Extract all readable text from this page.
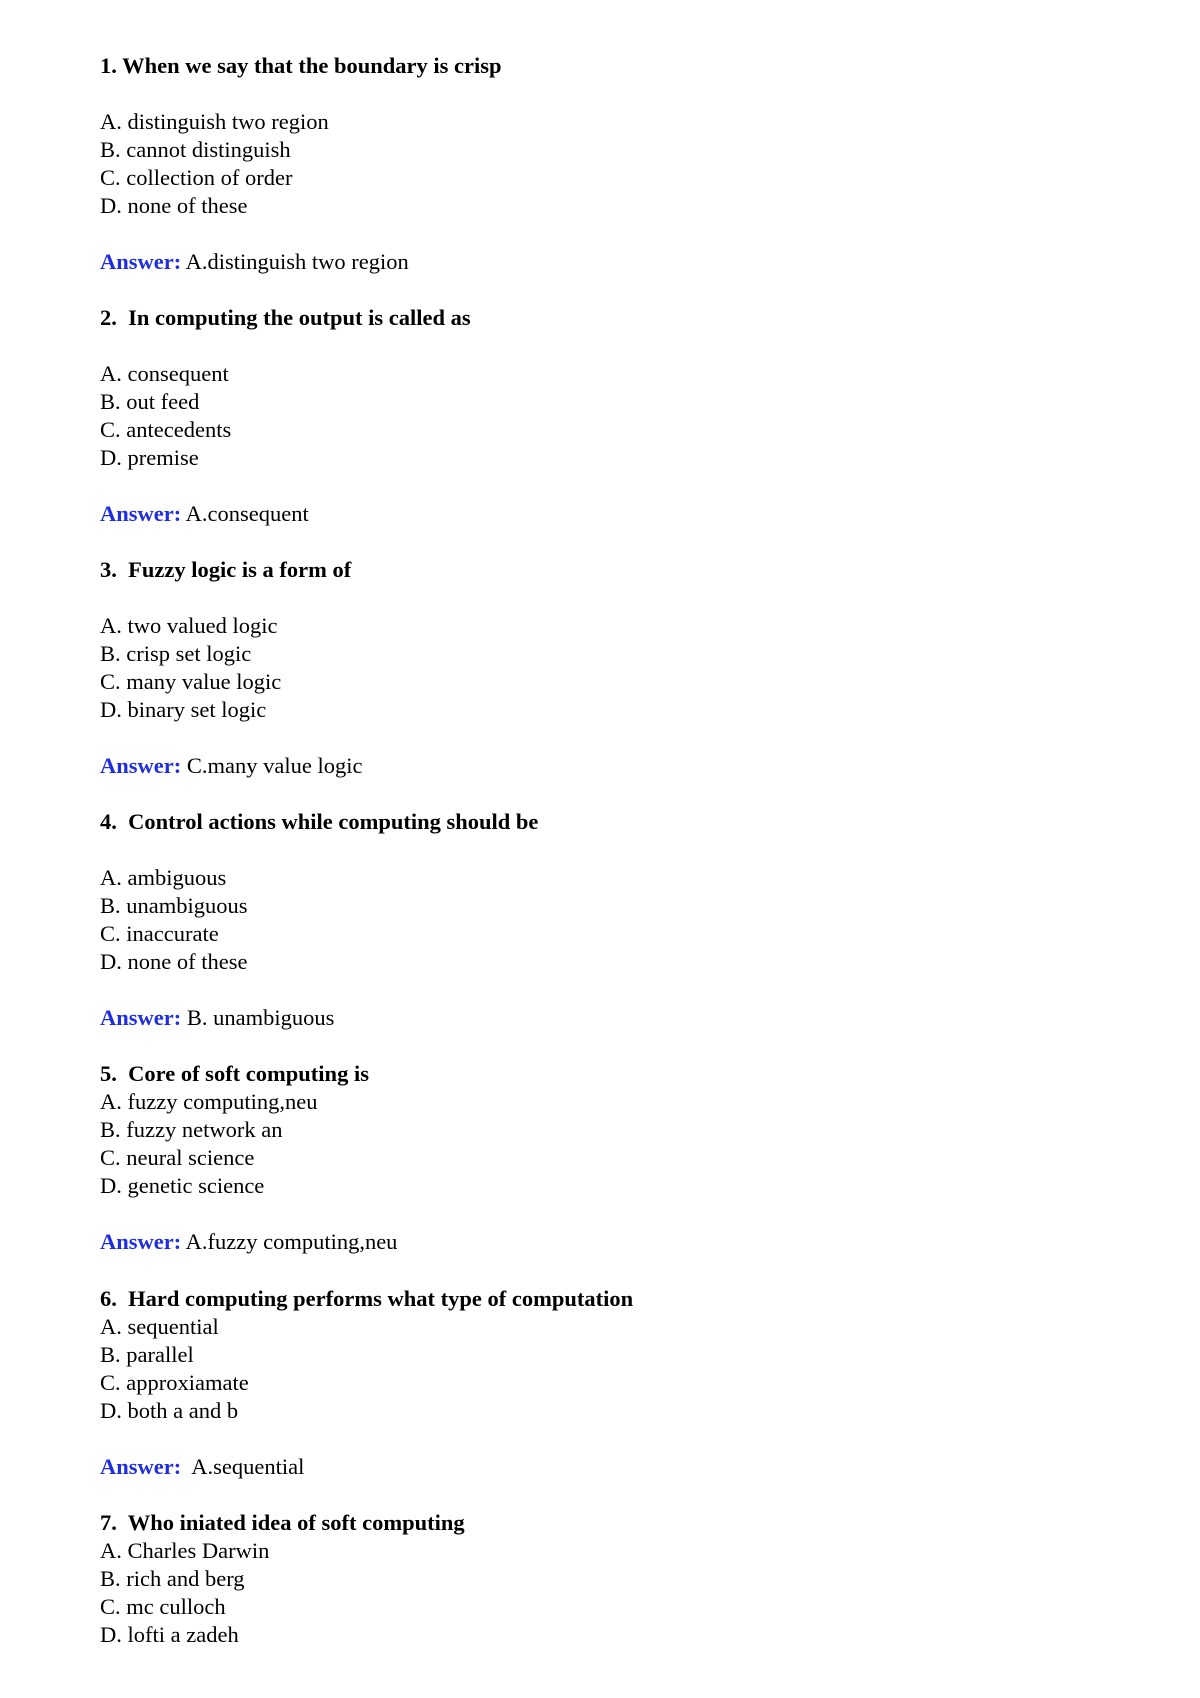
1. When we say that the boundary is crisp
A. distinguish two region
B. cannot distinguish
C. collection of order
D. none of these
Answer: A.distinguish two region
2.  In computing the output is called as
A. consequent
B. out feed
C. antecedents
D. premise
Answer: A.consequent
3.  Fuzzy logic is a form of
A. two valued logic
B. crisp set logic
C. many value logic
D. binary set logic
Answer: C.many value logic
4.  Control actions while computing should be
A. ambiguous
B. unambiguous
C. inaccurate
D. none of these
Answer: B. unambiguous
5.  Core of soft computing is
A. fuzzy computing,neu
B. fuzzy network an
C. neural science
D. genetic science
Answer: A.fuzzy computing,neu
6.  Hard computing performs what type of computation
A. sequential
B. parallel
C. approxiamate
D. both a and b
Answer:  A.sequential
7.  Who iniated idea of soft computing
A. Charles Darwin
B. rich and berg
C. mc culloch
D. lofti a zadeh
